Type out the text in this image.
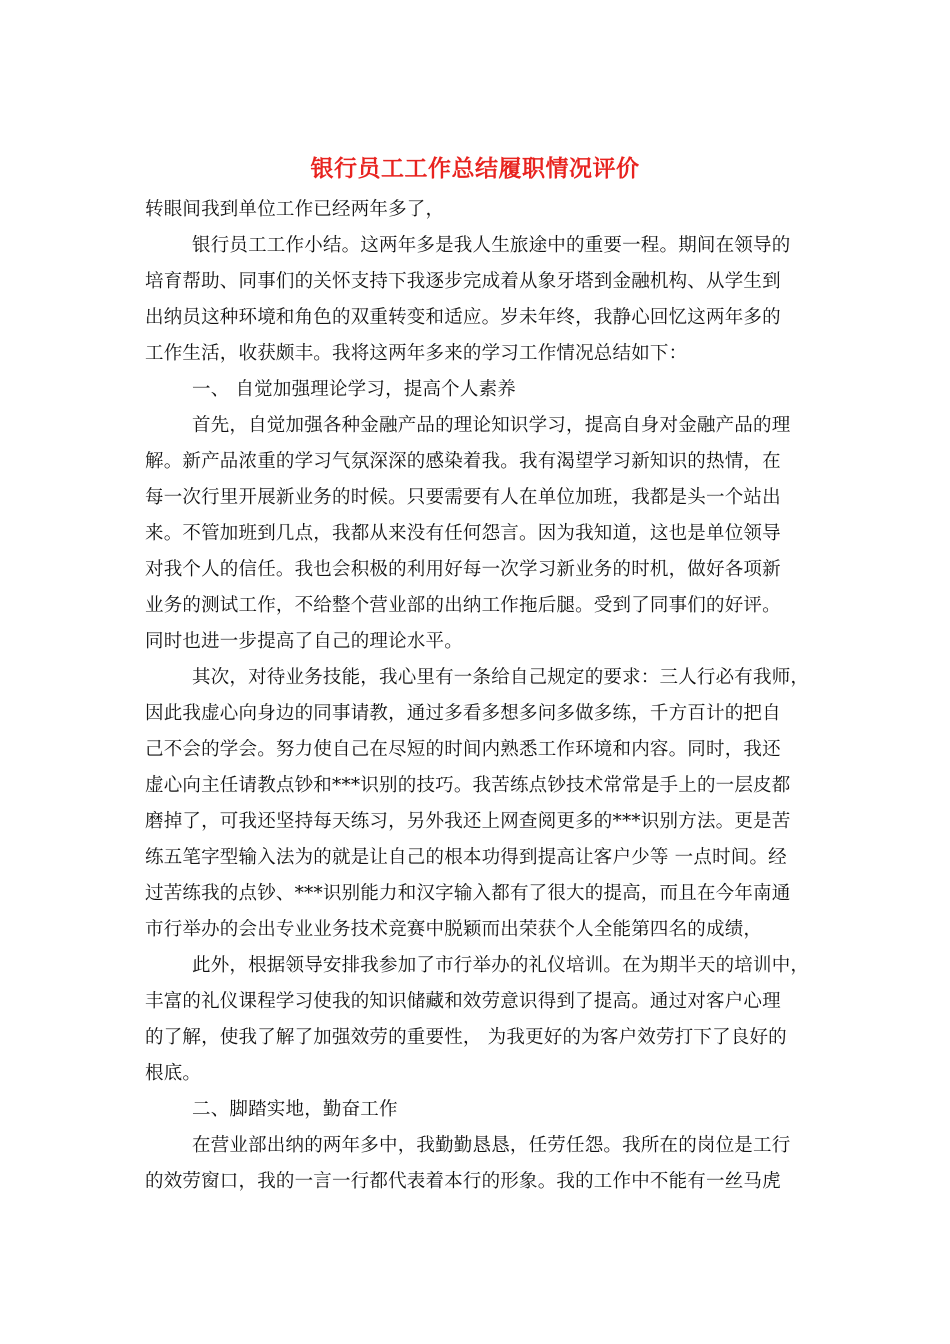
银行员工工作总结履职情况评价
转眼间我到单位工作已经两年多了，
银行员工工作小结。这两年多是我人生旅途中的重要一程。期间在领导的
培育帮助、同事们的关怀支持下我逐步完成着从象牙塔到金融机构、从学生到
出纳员这种环境和角色的双重转变和适应。岁未年终，我静心回忆这两年多的
工作生活，收获颇丰。我将这两年多来的学习工作情况总结如下：
一、 自觉加强理论学习，提高个人素养
首先，自觉加强各种金融产品的理论知识学习，提高自身对金融产品的理
解。新产品浓重的学习气氛深深的感染着我。我有渴望学习新知识的热情，在
每一次行里开展新业务的时候。只要需要有人在单位加班，我都是头一个站出
来。不管加班到几点，我都从来没有任何怨言。因为我知道，这也是单位领导
对我个人的信任。我也会积极的利用好每一次学习新业务的时机，做好各项新
业务的测试工作，不给整个营业部的出纳工作拖后腿。受到了同事们的好评。
同时也进一步提高了自己的理论水平。
其次，对待业务技能，我心里有一条给自己规定的要求：三人行必有我师，
因此我虚心向身边的同事请教，通过多看多想多问多做多练，千方百计的把自
己不会的学会。努力使自己在尽短的时间内熟悉工作环境和内容。同时，我还
虚心向主任请教点钞和***识别的技巧。我苦练点钞技术常常是手上的一层皮都
磨掉了，可我还坚持每天练习，另外我还上网查阅更多的***识别方法。更是苦
练五笔字型输入法为的就是让自己的根本功得到提高让客户少等 一点时间。经
过苦练我的点钞、***识别能力和汉字输入都有了很大的提高，而且在今年南通
市行举办的会出专业业务技术竞赛中脱颖而出荣获个人全能第四名的成绩，
此外，根据领导安排我参加了市行举办的礼仪培训。在为期半天的培训中，
丰富的礼仪课程学习使我的知识储藏和效劳意识得到了提高。通过对客户心理
的了解，使我了解了加强效劳的重要性， 为我更好的为客户效劳打下了良好的
根底。
二、脚踏实地，勤奋工作
在营业部出纳的两年多中，我勤勤恳恳，任劳任怨。我所在的岗位是工行
的效劳窗口，我的一言一行都代表着本行的形象。我的工作中不能有一丝马虎
